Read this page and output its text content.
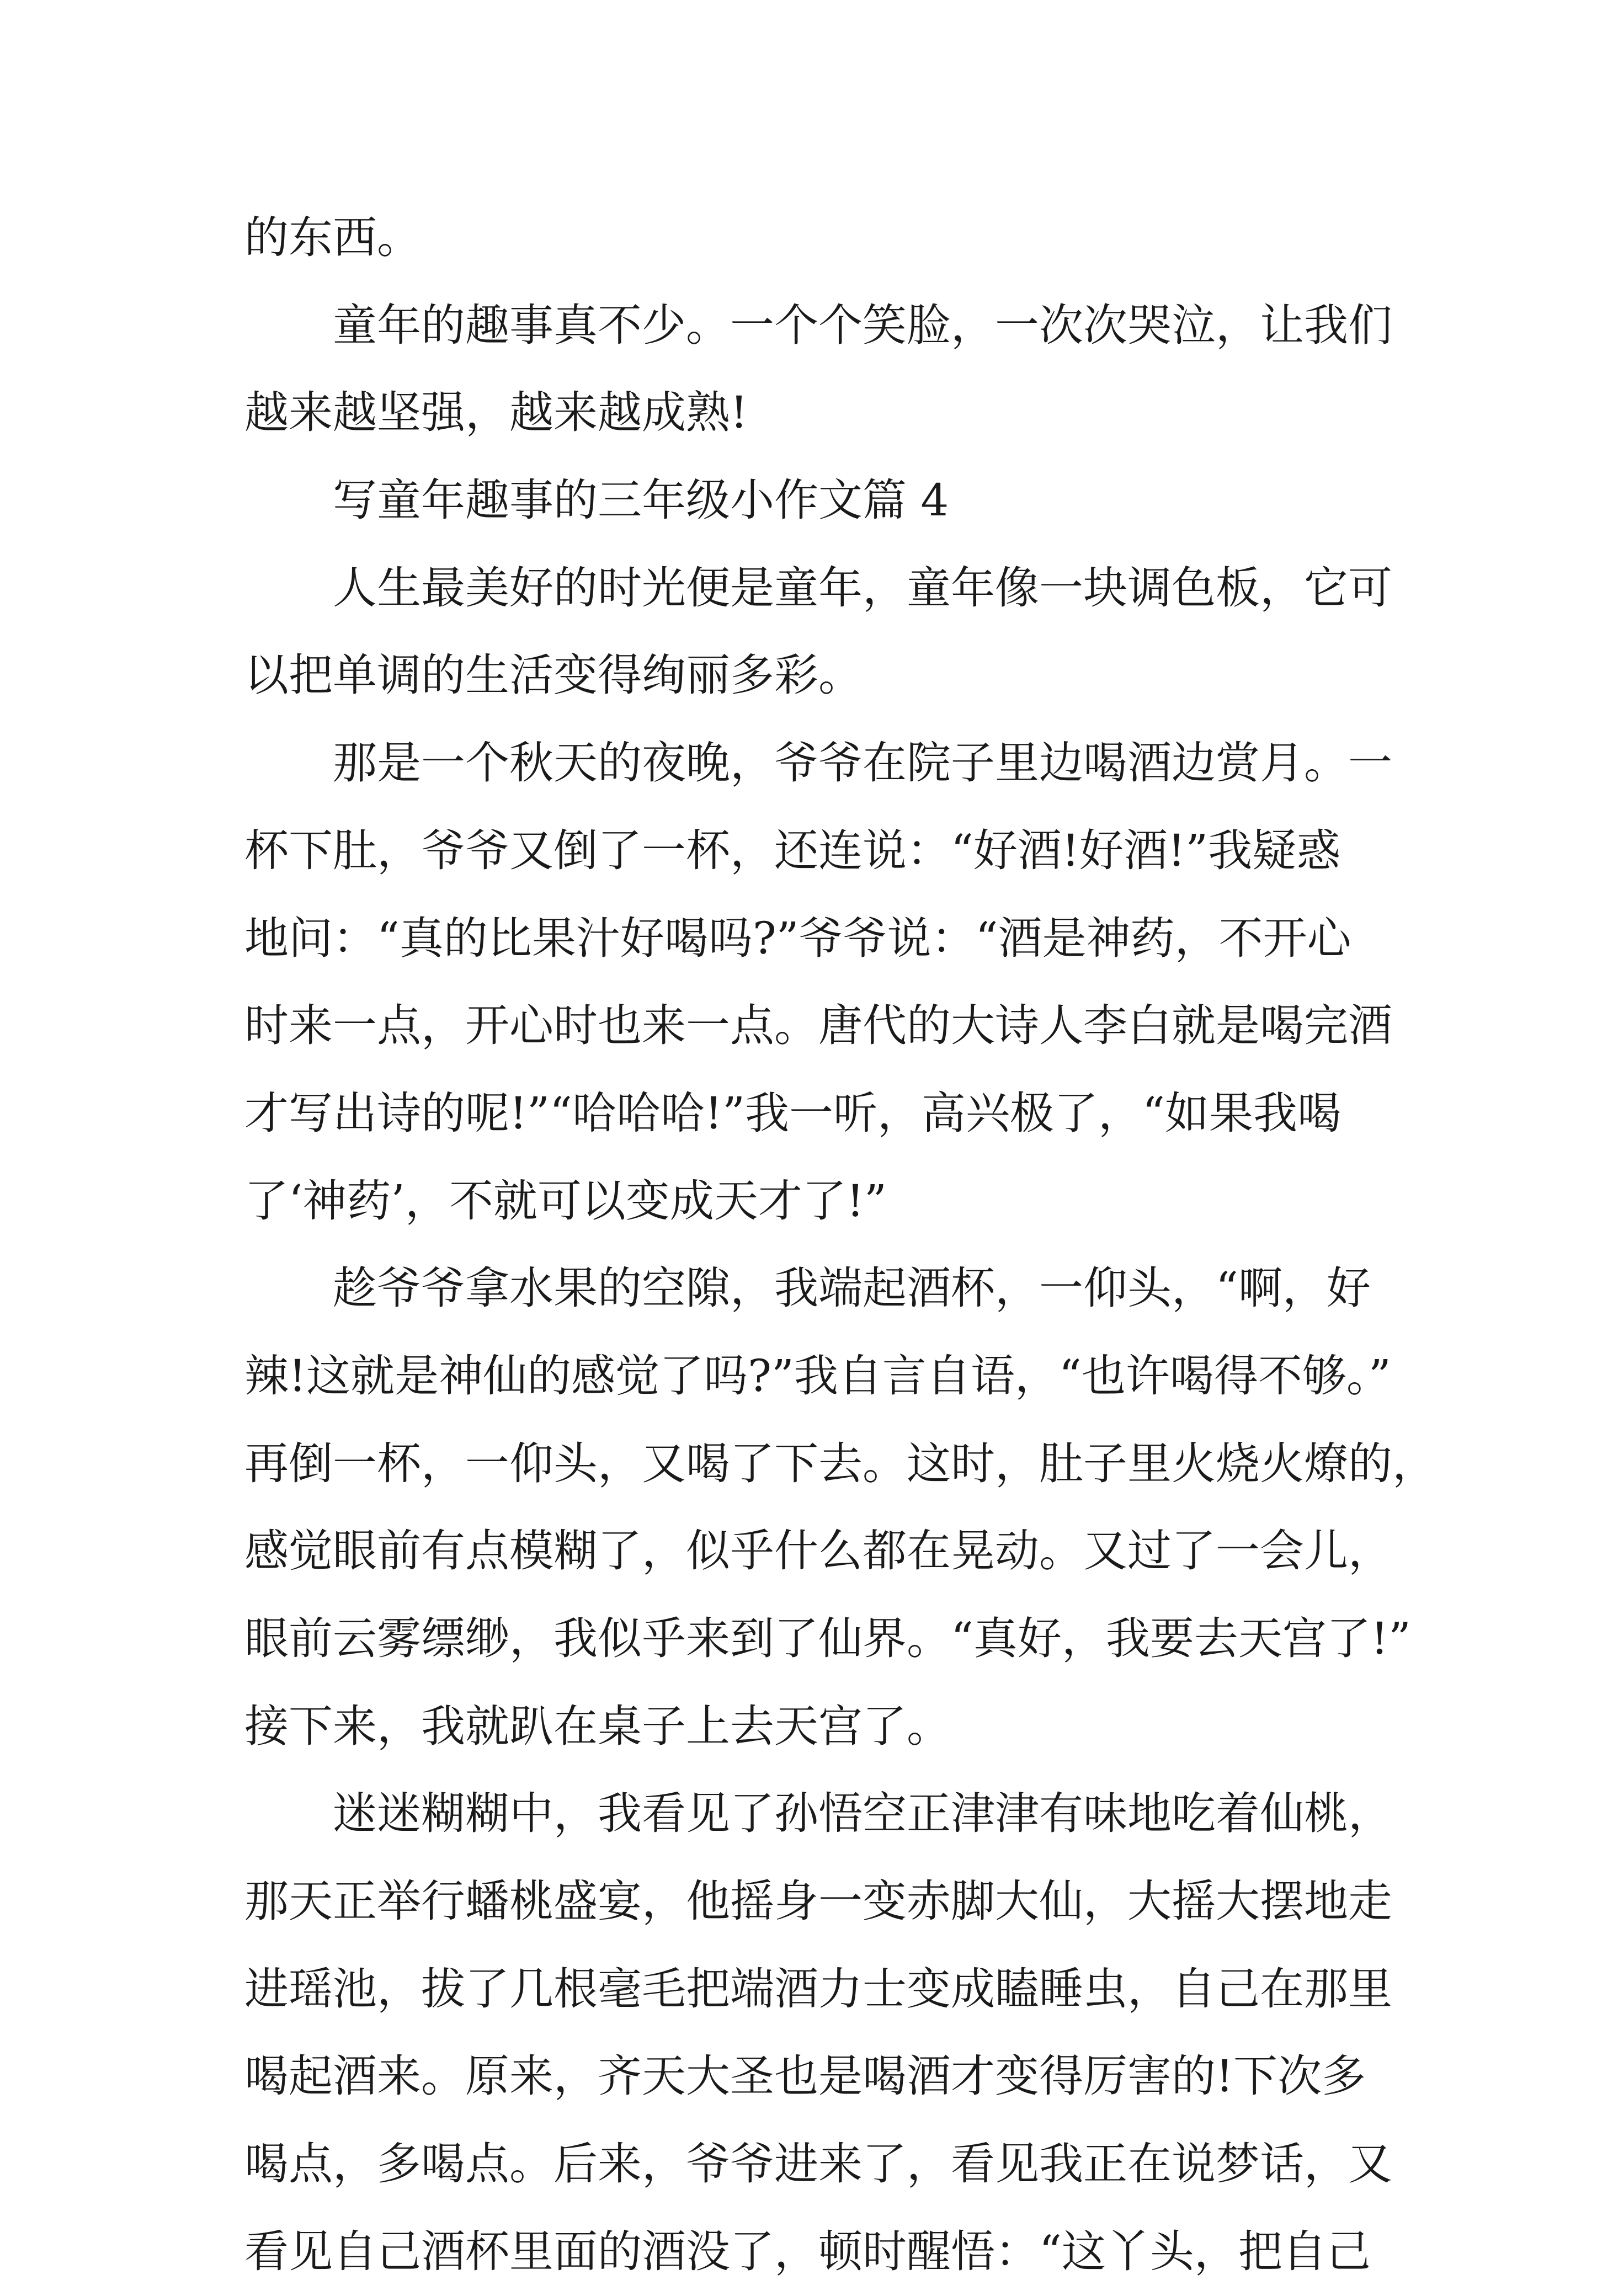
的东西。
童年的趣事真不少。一个个笑脸，一次次哭泣，让我们
越来越坚强，越来越成熟!
写童年趣事的三年级小作文篇 4
人生最美好的时光便是童年，童年像一块调色板，它可
以把单调的生活变得绚丽多彩。
那是一个秋天的夜晚，爷爷在院子里边喝酒边赏月。一
杯下肚，爷爷又倒了一杯，还连说：“好酒!好酒!”我疑惑
地问：“真的比果汁好喝吗?”爷爷说：“酒是神药，不开心
时来一点，开心时也来一点。唐代的大诗人李白就是喝完酒
才写出诗的呢!”“哈哈哈!”我一听，高兴极了，“如果我喝
了‘神药’，不就可以变成天才了!”
趁爷爷拿水果的空隙，我端起酒杯，一仰头，“啊，好
辣!这就是神仙的感觉了吗?”我自言自语，“也许喝得不够。”
再倒一杯，一仰头，又喝了下去。这时，肚子里火烧火燎的，
感觉眼前有点模糊了，似乎什么都在晃动。又过了一会儿，
眼前云雾缥缈，我似乎来到了仙界。“真好，我要去天宫了!”
接下来，我就趴在桌子上去天宫了。
迷迷糊糊中，我看见了孙悟空正津津有味地吃着仙桃，
那天正举行蟠桃盛宴，他摇身一变赤脚大仙，大摇大摆地走
进瑶池，拔了几根毫毛把端酒力士变成瞌睡虫，自己在那里
喝起酒来。原来，齐天大圣也是喝酒才变得厉害的!下次多
喝点，多喝点。后来，爷爷进来了，看见我正在说梦话，又
看见自己酒杯里面的酒没了，顿时醒悟：“这丫头，把自己
